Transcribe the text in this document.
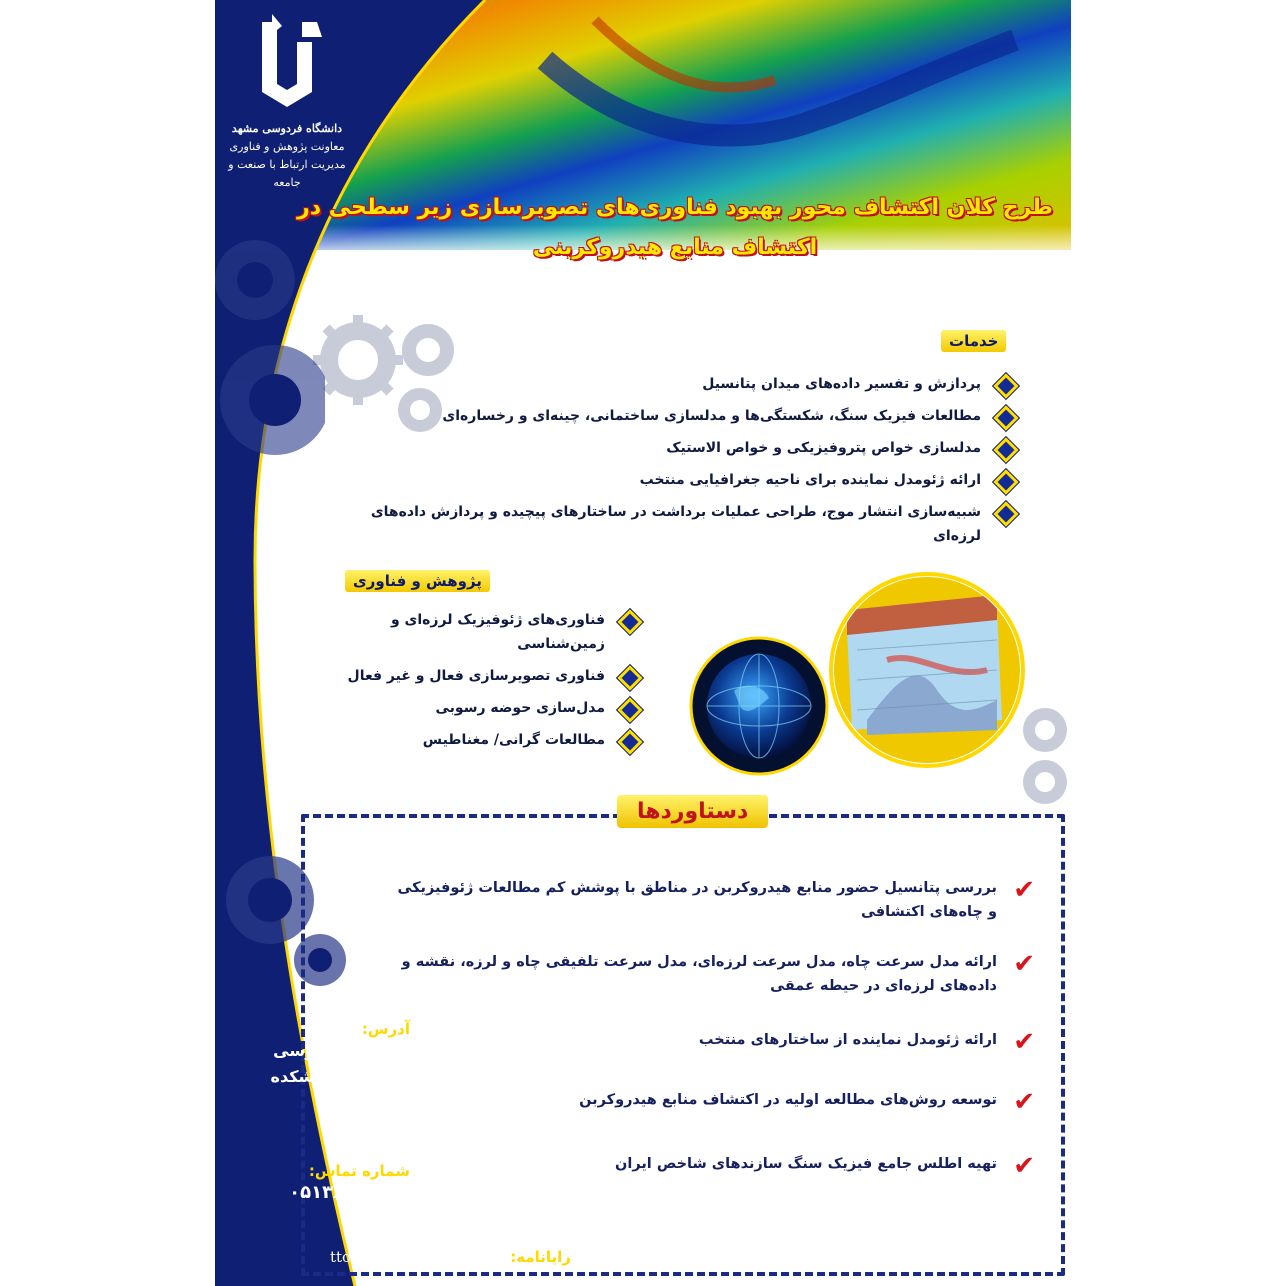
دانشگاه فردوسی مشهد
معاونت پژوهش و فناوری
مدیریت ارتباط با صنعت و جامعه
طرح کلان اکتشاف محور بهبود فناوری‌های تصویرسازی زیر سطحی در
اکتشاف منابع هیدروکربنی
خدمات
پردازش و تفسیر داده‌های میدان پتانسیل
مطالعات فیزیک سنگ، شکستگی‌ها و مدلسازی ساختمانی، چینه‌ای و رخساره‌ای
مدلسازی خواص پتروفیزیکی و خواص الاستیک
ارائه ژئومدل نماینده برای ناحیه جغرافیایی منتخب
شبیه‌سازی انتشار موج، طراحی عملیات برداشت در ساختارهای پیچیده و پردازش داده‌های لرزه‌ای
پژوهش و فناوری
فناوری‌های ژئوفیزیک لرزه‌ای و زمین‌شناسی
فناوری تصویرسازی فعال و غیر فعال
مدل‌سازی حوضه رسوبی
مطالعات گرانی/ مغناطیس
دستاوردها
✔
بررسی پتانسیل حضور منابع هیدروکربن در مناطق با پوشش کم مطالعات ژئوفیزیکی و چاه‌های اکتشافی
✔
ارائه مدل سرعت چاه، مدل سرعت لرزه‌ای، مدل سرعت تلفیقی چاه و لرزه، نقشه و داده‌های لرزه‌ای در حیطه عمقی
✔
ارائه ژئومدل نماینده از ساختارهای منتخب
✔
توسعه روش‌های مطالعه اولیه در اکتشاف منابع هیدروکربن
✔
تهیه اطلس جامع فیزیک سنگ سازندهای شاخص ایران
آدرس:
دانشگاه فردوسی
مشهد- پژوهشکده
نفت و گاز
شماره تماس:
۰۵۱۳۸۸۰۴۳۹۶
رایانامه: tto@ferdowsi.um.ac.ir
